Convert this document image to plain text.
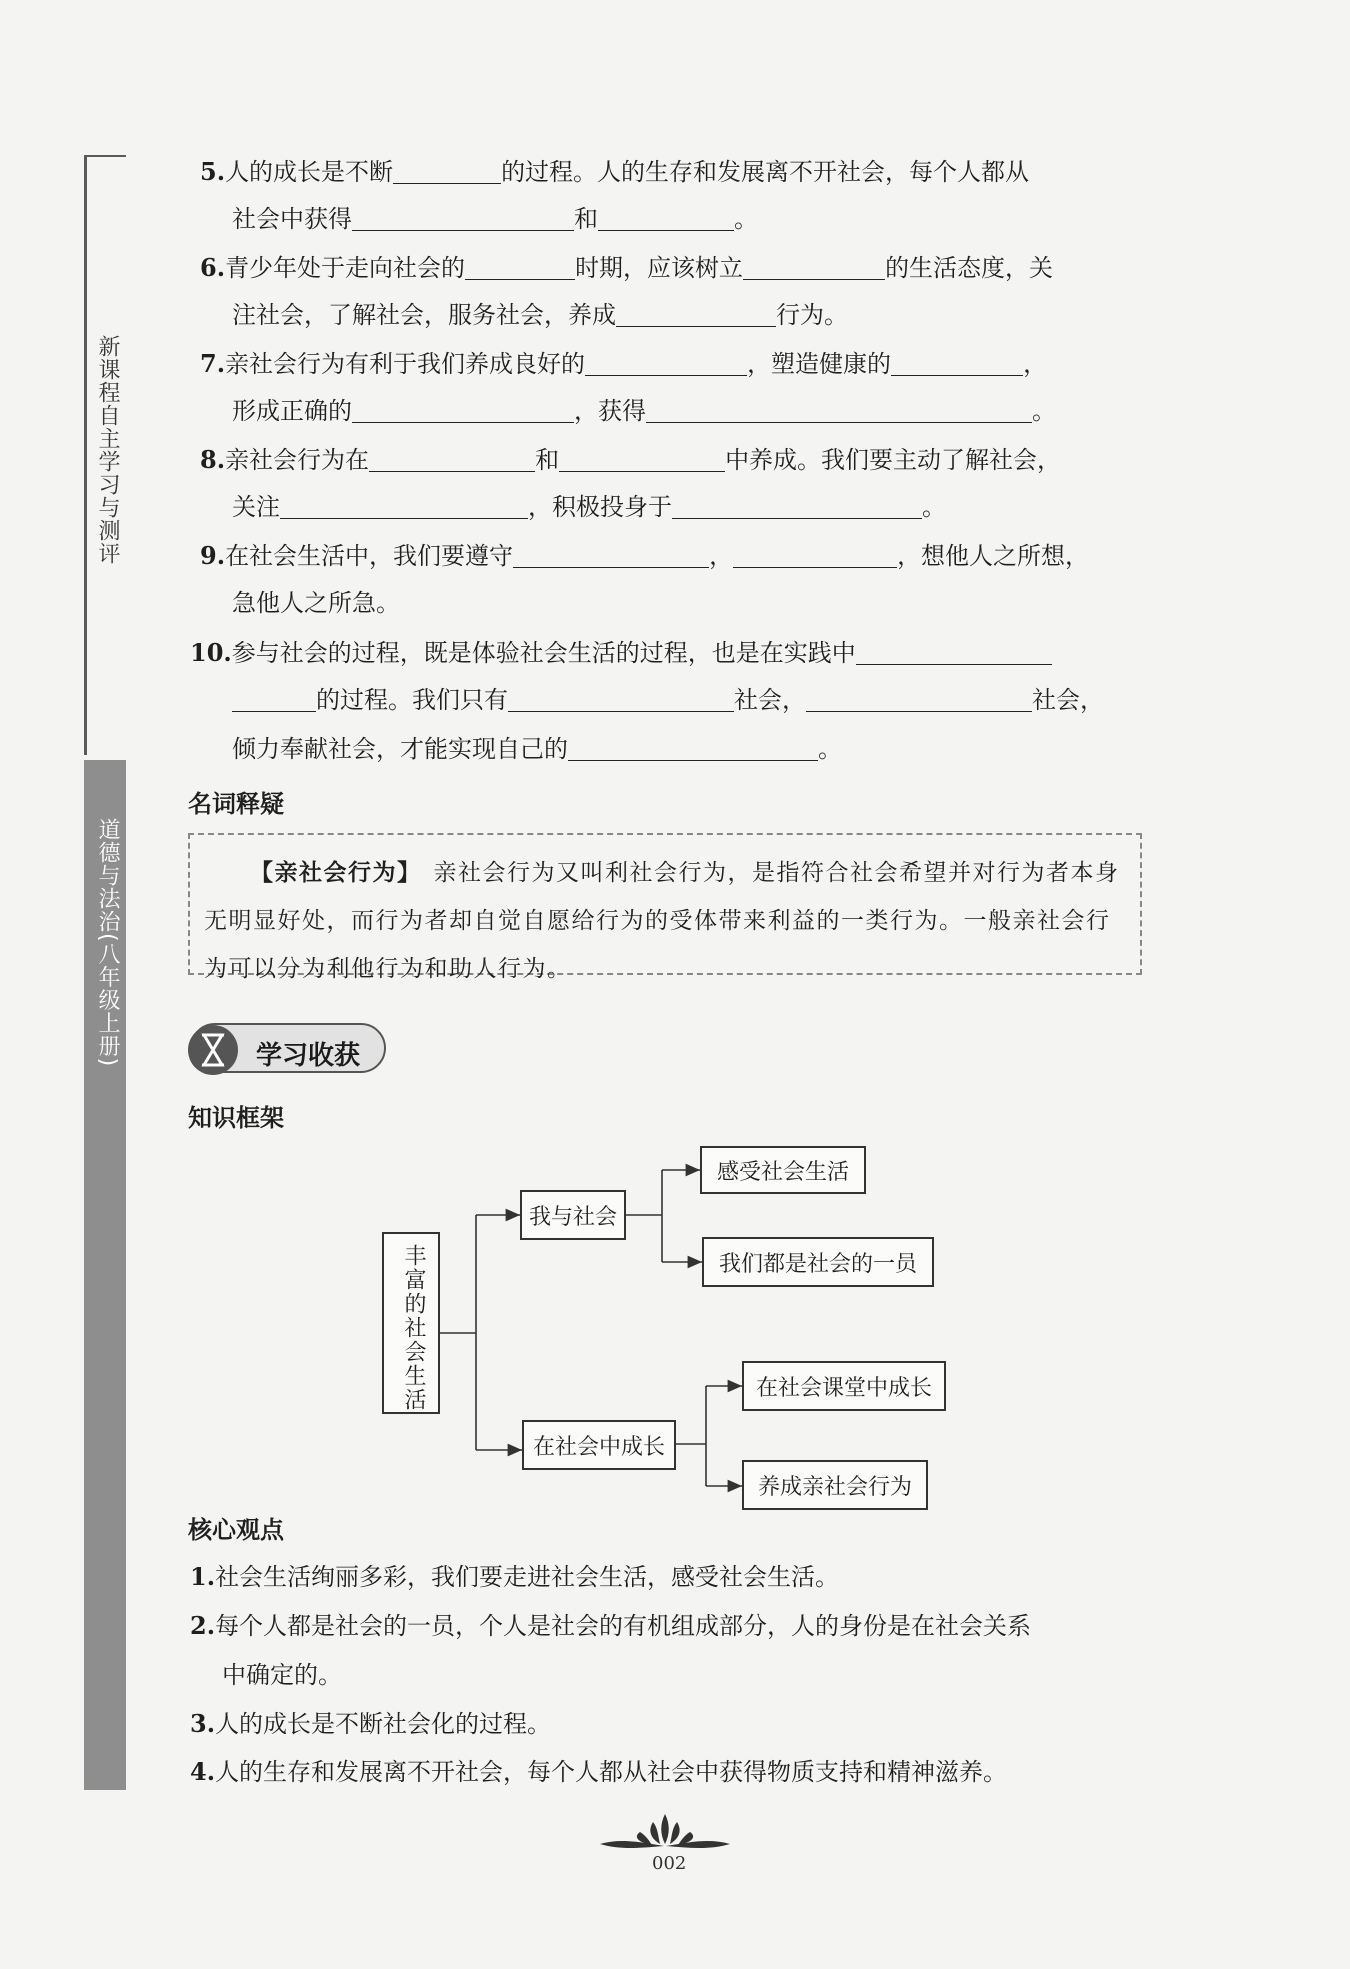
新课程自主学习与测评
道德与法治(八年级上册)
5.人的成长是不断	的过程。人的生存和发展离不开社会，每个人都从
社会中获得	和	。
6.青少年处于走向社会的	时期，应该树立	的生活态度，关
注社会，了解社会，服务社会，养成	行为。
7.亲社会行为有利于我们养成良好的	，塑造健康的	，
形成正确的	，获得	。
8.亲社会行为在	和	中养成。我们要主动了解社会，
关注	，积极投身于	。
9.在社会生活中，我们要遵守	，	，想他人之所想，
急他人之所急。
10.参与社会的过程，既是体验社会生活的过程，也是在实践中
的过程。我们只有	社会，	社会，
倾力奉献社会，才能实现自己的	。
名词释疑
【亲社会行为】 亲社会行为又叫利社会行为，是指符合社会希望并对行为者本身无明显好处，而行为者却自觉自愿给行为的受体带来利益的一类行为。一般亲社会行为可以分为利他行为和助人行为。
学习收获
知识框架
丰富的社会生活
我与社会
感受社会生活
我们都是社会的一员
在社会中成长
在社会课堂中成长
养成亲社会行为
核心观点
1.社会生活绚丽多彩，我们要走进社会生活，感受社会生活。
2.每个人都是社会的一员，个人是社会的有机组成部分，人的身份是在社会关系
中确定的。
3.人的成长是不断社会化的过程。
4.人的生存和发展离不开社会，每个人都从社会中获得物质支持和精神滋养。
002
